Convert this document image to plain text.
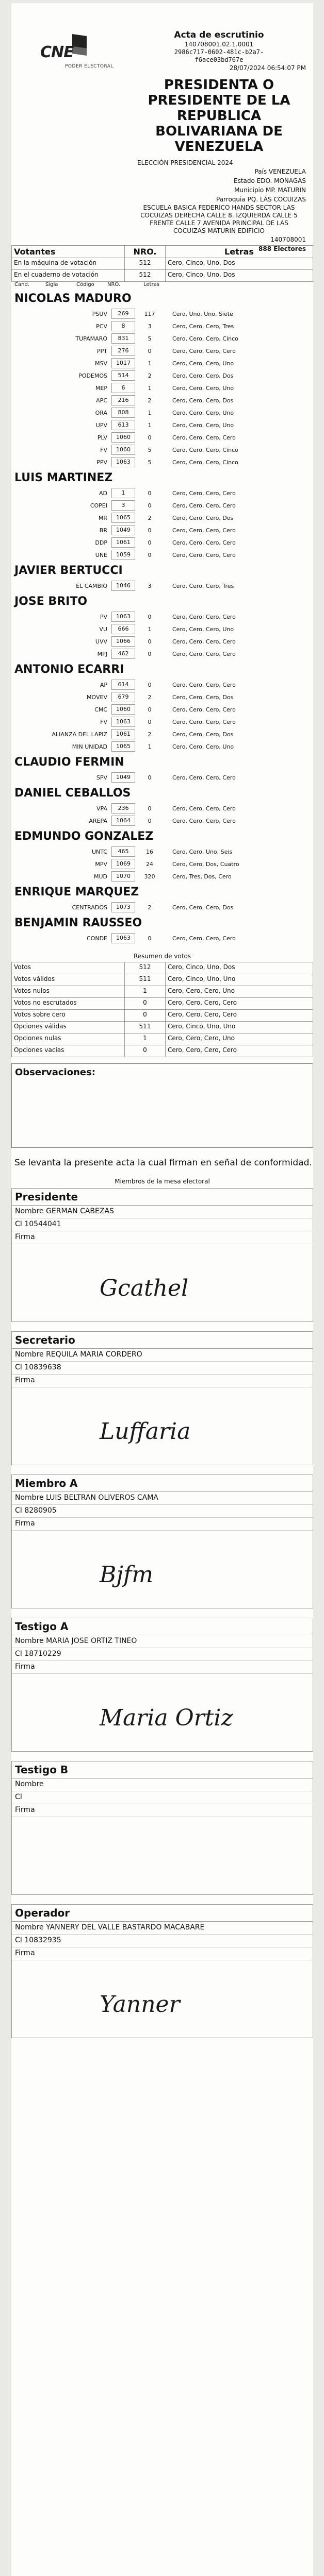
CNE
PODER ELECTORAL
Acta de escrutinio
140708001.02.1.0001
2986c717-0602-481c-b2a7-f6ace03bd767e
28/07/2024 06:54:07 PM
PRESIDENTA O PRESIDENTE DE LA REPUBLICA BOLIVARIANA DE VENEZUELA
ELECCIÓN PRESIDENCIAL 2024
País VENEZUELA
Estado EDO. MONAGAS
Municipio MP. MATURIN
Parroquia PQ. LAS COCUIZAS
ESCUELA BASICA FEDERICO HANDS SECTOR LAS COCUIZAS DERECHA CALLE 8. IZQUIERDA CALLE 5 FRENTE CALLE 7 AVENIDA PRINCIPAL DE LAS COCUIZAS MATURIN EDIFICIO
140708001
888 Electores
Votantes	NRO.	Letras
En la máquina de votación	512	Cero, Cinco, Uno, Dos
En el cuaderno de votación	512	Cero, Cinco, Uno, Dos
Cand.	Sigla	Código	NRO.	Letras
NICOLAS MADURO
PSUV	269	117	Cero, Uno, Uno, Siete
PCV	8	3	Cero, Cero, Cero, Tres
TUPAMARO	831	5	Cero, Cero, Cero, Cinco
PPT	276	0	Cero, Cero, Cero, Cero
MSV	1017	1	Cero, Cero, Cero, Uno
PODEMOS	514	2	Cero, Cero, Cero, Dos
MEP	6	1	Cero, Cero, Cero, Uno
APC	216	2	Cero, Cero, Cero, Dos
ORA	808	1	Cero, Cero, Cero, Uno
UPV	613	1	Cero, Cero, Cero, Uno
PLV	1060	0	Cero, Cero, Cero, Cero
FV	1060	5	Cero, Cero, Cero, Cinco
PPV	1063	5	Cero, Cero, Cero, Cinco
LUIS MARTINEZ
AD	1	0	Cero, Cero, Cero, Cero
COPEI	3	0	Cero, Cero, Cero, Cero
MR	1065	2	Cero, Cero, Cero, Dos
BR	1049	0	Cero, Cero, Cero, Cero
DDP	1061	0	Cero, Cero, Cero, Cero
UNE	1059	0	Cero, Cero, Cero, Cero
JAVIER BERTUCCI
EL CAMBIO	1046	3	Cero, Cero, Cero, Tres
JOSE BRITO
PV	1063	0	Cero, Cero, Cero, Cero
VU	666	1	Cero, Cero, Cero, Uno
UVV	1066	0	Cero, Cero, Cero, Cero
MPJ	462	0	Cero, Cero, Cero, Cero
ANTONIO ECARRI
AP	614	0	Cero, Cero, Cero, Cero
MOVEV	679	2	Cero, Cero, Cero, Dos
CMC	1060	0	Cero, Cero, Cero, Cero
FV	1063	0	Cero, Cero, Cero, Cero
ALIANZA DEL LAPIZ	1061	2	Cero, Cero, Cero, Dos
MIN UNIDAD	1065	1	Cero, Cero, Cero, Uno
CLAUDIO FERMIN
SPV	1049	0	Cero, Cero, Cero, Cero
DANIEL CEBALLOS
VPA	236	0	Cero, Cero, Cero, Cero
AREPA	1064	0	Cero, Cero, Cero, Cero
EDMUNDO GONZALEZ
UNTC	465	16	Cero, Cero, Uno, Seis
MPV	1069	24	Cero, Cero, Dos, Cuatro
MUD	1070	320	Cero, Tres, Dos, Cero
ENRIQUE MARQUEZ
CENTRADOS	1073	2	Cero, Cero, Cero, Dos
BENJAMIN RAUSSEO
CONDE	1063	0	Cero, Cero, Cero, Cero
Resumen de votos
Votos	512	Cero, Cinco, Uno, Dos
Votos válidos	511	Cero, Cinco, Uno, Uno
Votos nulos	1	Cero, Cero, Cero, Uno
Votos no escrutados	0	Cero, Cero, Cero, Cero
Votos sobre cero	0	Cero, Cero, Cero, Cero
Opciones válidas	511	Cero, Cinco, Uno, Uno
Opciones nulas	1	Cero, Cero, Cero, Uno
Opciones vacías	0	Cero, Cero, Cero, Cero
Observaciones:
Se levanta la presente acta la cual firman en señal de conformidad.
Miembros de la mesa electoral
Presidente
Nombre GERMAN CABEZAS
CI 10544041
Firma
Gcathel
Secretario
Nombre REQUILA MARIA CORDERO
CI 10839638
Firma
Luffaria
Miembro A
Nombre LUIS BELTRAN OLIVEROS CAMA
CI 8280905
Firma
Bjfm
Testigo A
Nombre MARIA JOSE ORTIZ TINEO
CI 18710229
Firma
Maria Ortiz
Testigo B
Nombre
CI
Firma
Operador
Nombre YANNERY DEL VALLE BASTARDO MACABARE
CI 10832935
Firma
Yanner
